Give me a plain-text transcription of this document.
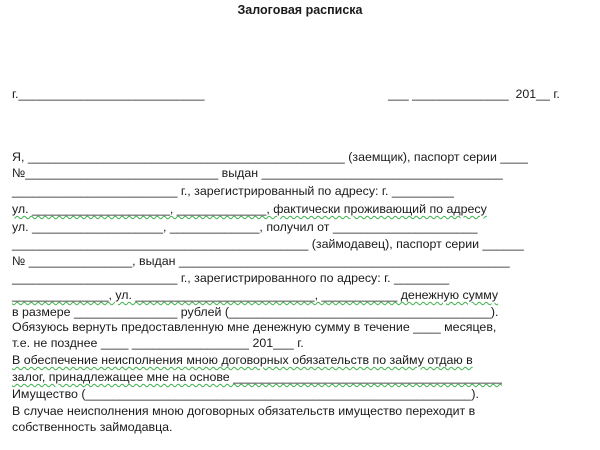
Залоговая расписка
г.___________________________	___ ______________  201__ г.
Я, ______________________________________________ (заемщик), паспорт серии ____
№____________________________ выдан ___________________________________
________________________ г., зарегистрированный по адресу: г. _________
ул. ____________________, _____________, фактически проживающий по адресу
ул. ___________________, _____________, получил от _____________________
___________________________________________ (займодавец), паспорт серии ______
№ _______________, выдан ________________________________________________
________________________ г., зарегистрированного по адресу: г. ________
______________, ул. __________________________, ___________ денежную сумму
в размере _______________ рублей (______________________________________).
Обязуюсь вернуть предоставленную мне денежную сумму в течение ____ месяцев,
т.е. не позднее ____ _________________ 201___ г.
В обеспечение неисполнения мною договорных обязательств по займу отдаю в
залог, принадлежащее мне на основе _______________________________________
Имущество (________________________________________________________).
В случае неисполнения мною договорных обязательств имущество переходит в
собственность займодавца.
